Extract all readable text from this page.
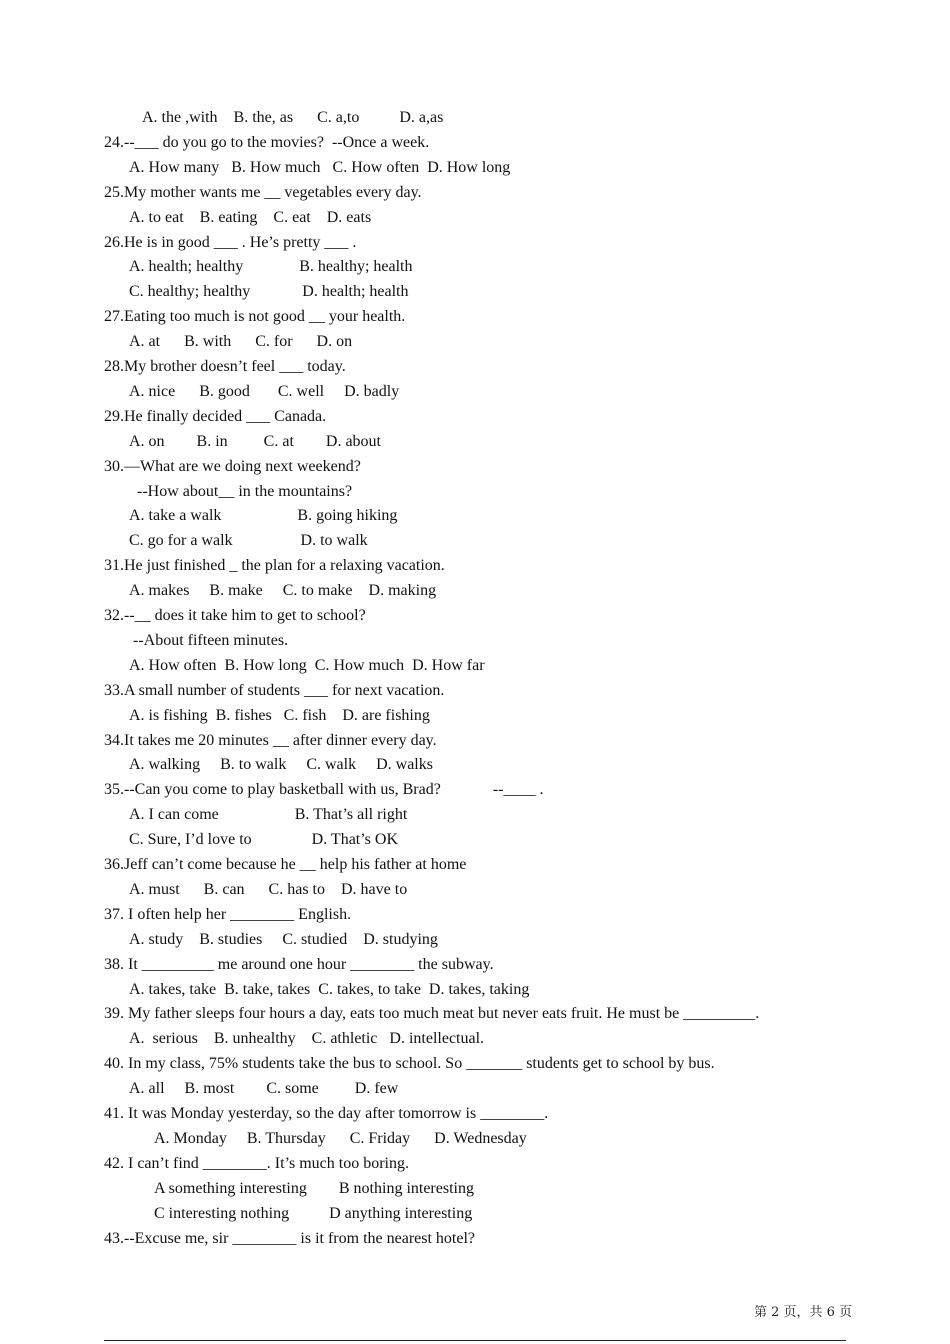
A. the ,with    B. the, as      C. a,to          D. a,as
24.--___ do you go to the movies?  --Once a week.
A. How many   B. How much   C. How often  D. How long
25.My mother wants me __ vegetables every day.
A. to eat    B. eating    C. eat    D. eats
26.He is in good ___ . He’s pretty ___ .
A. health; healthy              B. healthy; health
C. healthy; healthy             D. health; health
27.Eating too much is not good __ your health.
A. at      B. with      C. for      D. on
28.My brother doesn’t feel ___ today.
A. nice      B. good       C. well     D. badly
29.He finally decided ___ Canada.
A. on        B. in         C. at        D. about
30.—What are we doing next weekend?
--How about__ in the mountains?
A. take a walk                   B. going hiking
C. go for a walk                 D. to walk
31.He just finished _ the plan for a relaxing vacation.
A. makes     B. make     C. to make    D. making
32.--__ does it take him to get to school?
--About fifteen minutes.
A. How often  B. How long  C. How much  D. How far
33.A small number of students ___ for next vacation.
A. is fishing  B. fishes   C. fish    D. are fishing
34.It takes me 20 minutes __ after dinner every day.
A. walking     B. to walk     C. walk     D. walks
35.--Can you come to play basketball with us, Brad?             --____ .
A. I can come                   B. That’s all right
C. Sure, I’d love to               D. That’s OK
36.Jeff can’t come because he __ help his father at home
A. must      B. can      C. has to    D. have to
37. I often help her ________ English.
A. study    B. studies     C. studied    D. studying
38. It _________ me around one hour ________ the subway.
A. takes, take  B. take, takes  C. takes, to take  D. takes, taking
39. My father sleeps four hours a day, eats too much meat but never eats fruit. He must be _________.
A.  serious    B. unhealthy    C. athletic   D. intellectual.
40. In my class, 75% students take the bus to school. So _______ students get to school by bus.
A. all     B. most        C. some         D. few
41. It was Monday yesterday, so the day after tomorrow is ________.
A. Monday     B. Thursday      C. Friday      D. Wednesday
42. I can’t find ________. It’s much too boring.
A something interesting        B nothing interesting
C interesting nothing          D anything interesting
43.--Excuse me, sir ________ is it from the nearest hotel?
第 2 页，共 6 页
